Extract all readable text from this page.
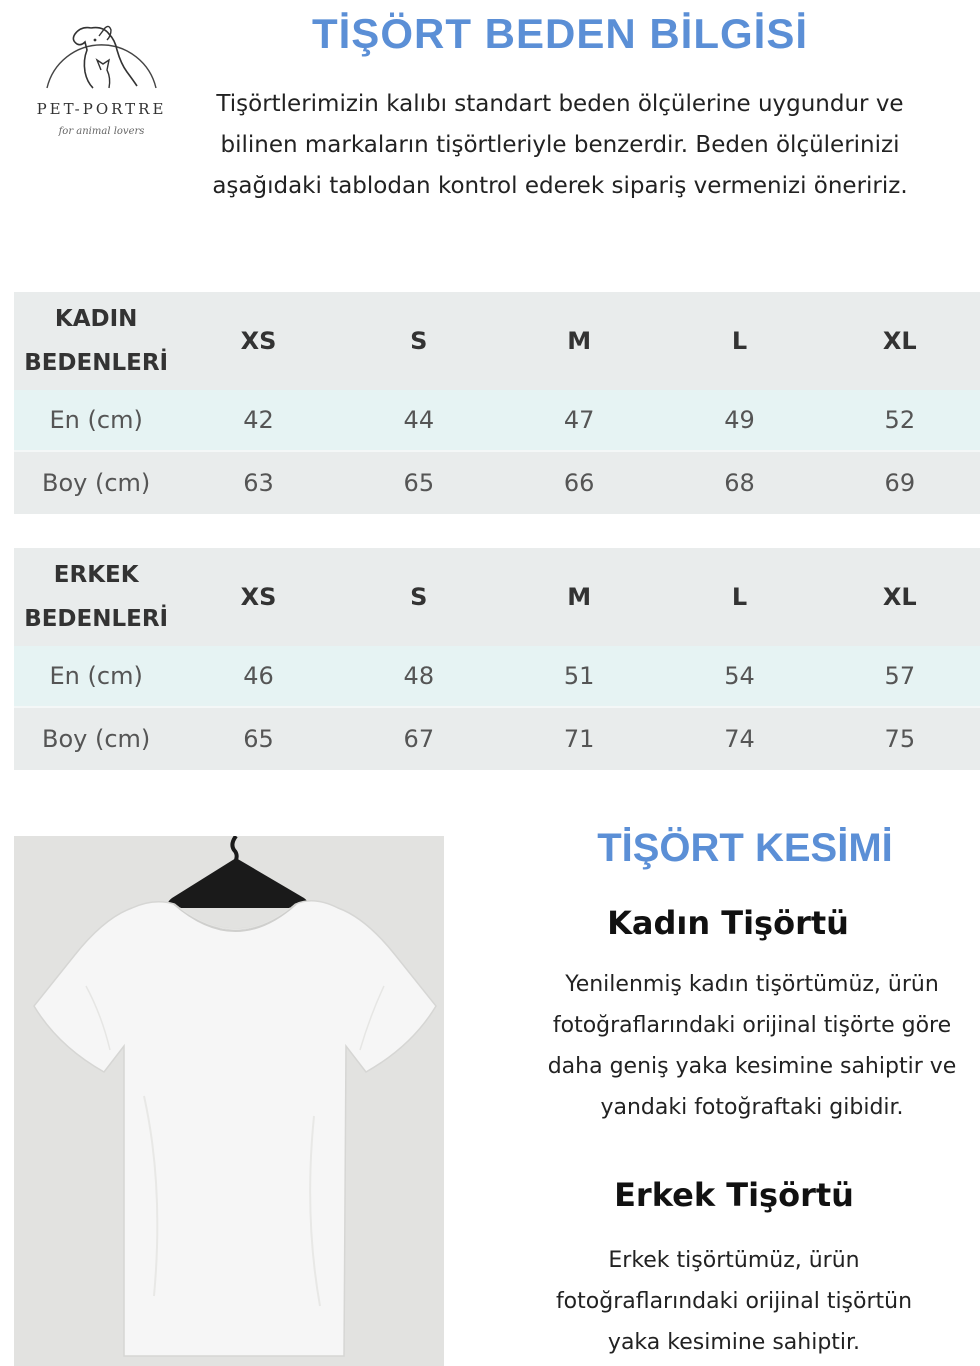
PET-PORTRE
for animal lovers
TİŞÖRT BEDEN BİLGİSİ

Tişörtlerimizin kalıbı standart beden ölçülerine uygundur ve bilinen markaların tişörtleriyle benzerdir. Beden ölçülerinizi aşağıdaki tablodan kontrol ederek sipariş vermenizi öneririz.

KADIN
BEDENLERİ	XS	S	M	L	XL
En (cm)	42	44	47	49	52

Boy (cm)	63	65	66	68	69
ERKEK
BEDENLERİ	XS	S	M	L	XL
En (cm)	46	48	51	54	57

Boy (cm)	65	67	71	74	75
TİŞÖRT KESİMİ
Kadın Tişörtü

Yenilenmiş kadın tişörtümüz, ürün fotoğraflarındaki orijinal tişörte göre daha geniş yaka kesimine sahiptir ve yandaki fotoğraftaki gibidir.

Erkek Tişörtü

Erkek tişörtümüz, ürün fotoğraflarındaki orijinal tişörtün yaka kesimine sahiptir.
